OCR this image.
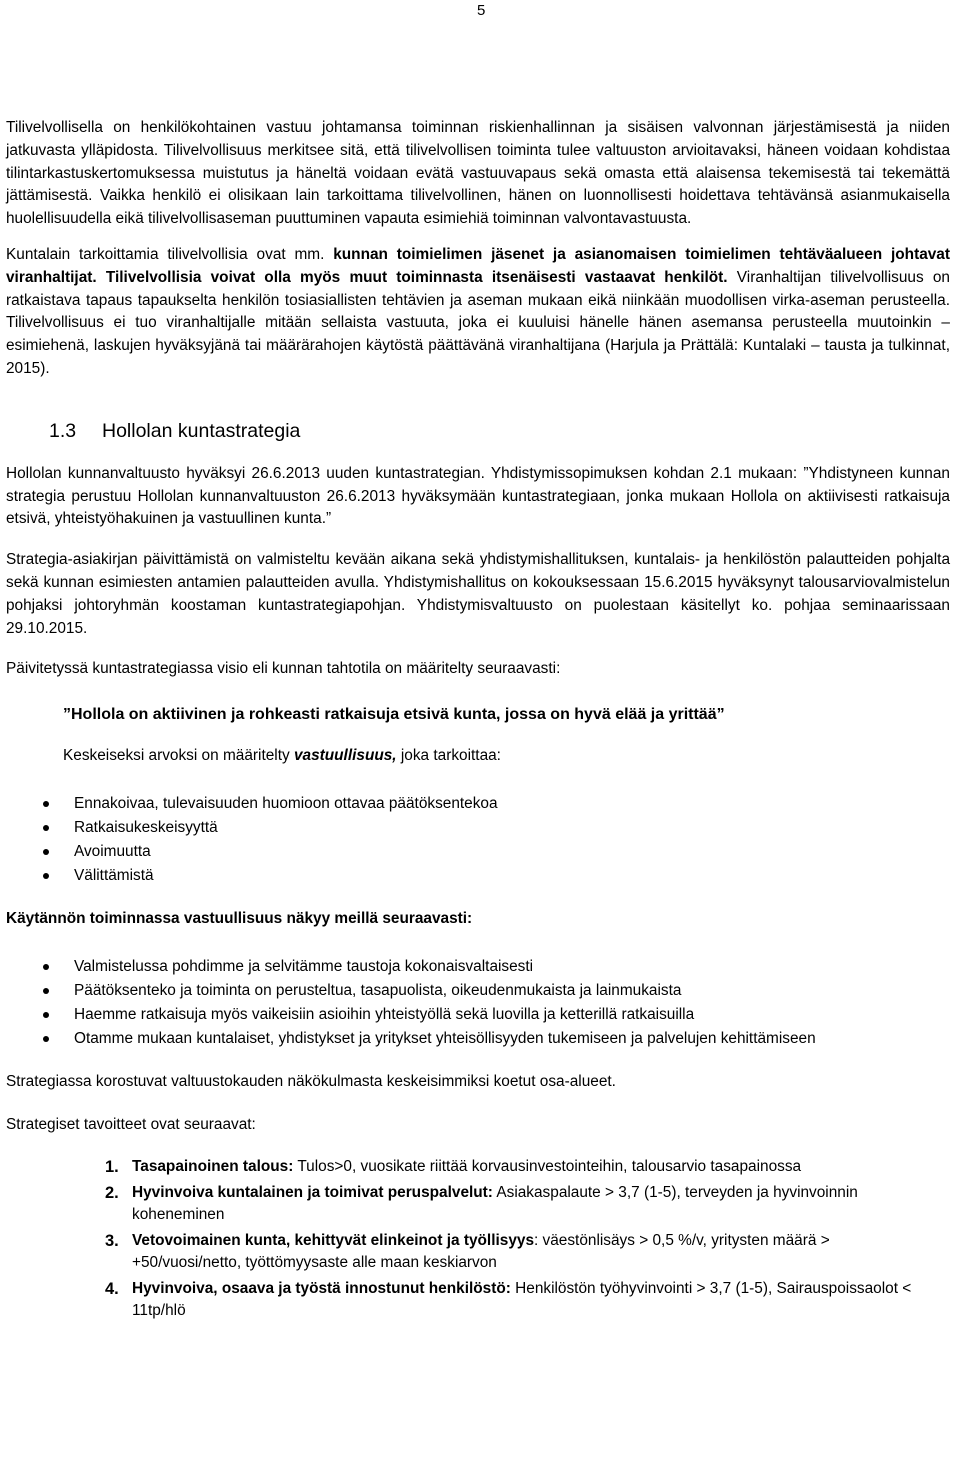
5

Tilivelvollisella on henkilökohtainen vastuu johtamansa toiminnan riskienhallinnan ja sisäisen valvonnan järjestämisestä ja niiden jatkuvasta ylläpidosta. Tilivelvollisuus merkitsee sitä, että tilivelvollisen toiminta tulee valtuuston arvioitavaksi, häneen voidaan kohdistaa tilintarkastuskertomuksessa muistutus ja häneltä voidaan evätä vastuuvapaus sekä omasta että alaisensa tekemisestä tai tekemättä jättämisestä. Vaikka henkilö ei olisikaan lain tarkoittama tilivelvollinen, hänen on luonnollisesti hoidettava tehtävänsä asianmukaisella huolellisuudella eikä tilivelvollisaseman puuttuminen vapauta esimiehiä toiminnan valvontavastuusta.

Kuntalain tarkoittamia tilivelvollisia ovat mm. kunnan toimielimen jäsenet ja asianomaisen toimielimen tehtäväalueen johtavat viranhaltijat. Tilivelvollisia voivat olla myös muut toiminnasta itsenäisesti vastaavat henkilöt. Viranhaltijan tilivelvollisuus on ratkaistava tapaus tapaukselta henkilön tosiasiallisten tehtävien ja aseman mukaan eikä niinkään muodollisen virka-aseman perusteella. Tilivelvollisuus ei tuo viranhaltijalle mitään sellaista vastuuta, joka ei kuuluisi hänelle hänen asemansa perusteella muutoinkin – esimiehenä, laskujen hyväksyjänä tai määrärahojen käytöstä päättävänä viranhaltijana (Harjula ja Prättälä: Kuntalaki – tausta ja tulkinnat, 2015).

1.3	Hollolan kuntastrategia

Hollolan kunnanvaltuusto hyväksyi 26.6.2013 uuden kuntastrategian. Yhdistymissopimuksen kohdan 2.1 mukaan: ”Yhdistyneen kunnan strategia perustuu Hollolan kunnanvaltuuston 26.6.2013 hyväksymään kuntastrategiaan, jonka mukaan Hollola on aktiivisesti ratkaisuja etsivä, yhteistyöhakuinen ja vastuullinen kunta.”

Strategia-asiakirjan päivittämistä on valmisteltu kevään aikana sekä yhdistymishallituksen, kuntalais- ja henkilöstön palautteiden pohjalta sekä kunnan esimiesten antamien palautteiden avulla. Yhdistymishallitus on kokouksessaan 15.6.2015 hyväksynyt talousarviovalmistelun pohjaksi johtoryhmän koostaman kuntastrategiapohjan. Yhdistymisvaltuusto on puolestaan käsitellyt ko. pohjaa seminaarissaan 29.10.2015.

Päivitetyssä kuntastrategiassa visio eli kunnan tahtotila on määritelty seuraavasti:

”Hollola on aktiivinen ja rohkeasti ratkaisuja etsivä kunta, jossa on hyvä elää ja yrittää”

Keskeiseksi arvoksi on määritelty vastuullisuus, joka tarkoittaa:

Ennakoivaa, tulevaisuuden huomioon ottavaa päätöksentekoa
Ratkaisukeskeisyyttä
Avoimuutta
Välittämistä

Käytännön toiminnassa vastuullisuus näkyy meillä seuraavasti:

Valmistelussa pohdimme ja selvitämme taustoja kokonaisvaltaisesti
Päätöksenteko ja toiminta on perusteltua, tasapuolista, oikeudenmukaista ja lainmukaista
Haemme ratkaisuja myös vaikeisiin asioihin yhteistyöllä sekä luovilla ja ketterillä ratkaisuilla
Otamme mukaan kuntalaiset, yhdistykset ja yritykset yhteisöllisyyden tukemiseen ja palvelujen kehittämiseen

Strategiassa korostuvat valtuustokauden näkökulmasta keskeisimmiksi koetut osa-alueet.

Strategiset tavoitteet ovat seuraavat:

1. Tasapainoinen talous: Tulos>0, vuosikate riittää korvausinvestointeihin, talousarvio tasapainossa
2. Hyvinvoiva kuntalainen ja toimivat peruspalvelut: Asiakaspalaute > 3,7 (1-5), terveyden ja hyvinvoinnin koheneminen
3. Vetovoimainen kunta, kehittyvät elinkeinot ja työllisyys: väestönlisäys > 0,5 %/v, yritysten määrä > +50/vuosi/netto, työttömyysaste alle maan keskiarvon
4. Hyvinvoiva, osaava ja työstä innostunut henkilöstö: Henkilöstön työhyvinvointi > 3,7 (1-5), Sairauspoissaolot < 11tp/hlö
